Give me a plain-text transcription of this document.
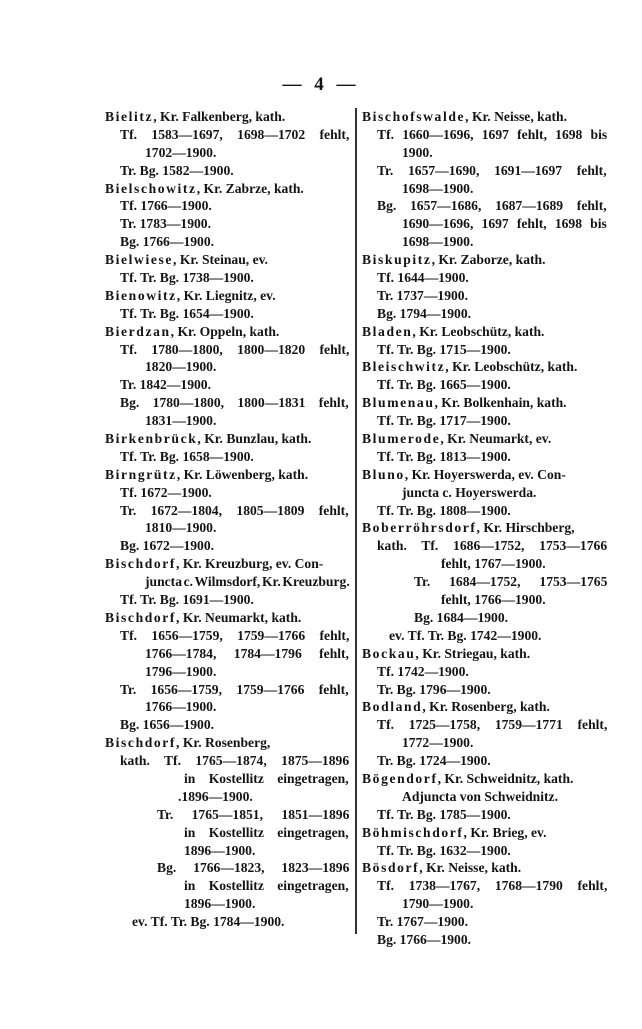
— 4 —
Bielitz, Kr. Falkenberg, kath.
Tf. 1583—1697, 1698—1702 fehlt,
1702—1900.
Tr. Bg. 1582—1900.
Bielschowitz, Kr. Zabrze, kath.
Tf. 1766—1900.
Tr. 1783—1900.
Bg. 1766—1900.
Bielwiese, Kr. Steinau, ev.
Tf. Tr. Bg. 1738—1900.
Bienowitz, Kr. Liegnitz, ev.
Tf. Tr. Bg. 1654—1900.
Bierdzan, Kr. Oppeln, kath.
Tf. 1780—1800, 1800—1820 fehlt,
1820—1900.
Tr. 1842—1900.
Bg. 1780—1800, 1800—1831 fehlt,
1831—1900.
Birkenbrück, Kr. Bunzlau, kath.
Tf. Tr. Bg. 1658—1900.
Birngrütz, Kr. Löwenberg, kath.
Tf. 1672—1900.
Tr. 1672—1804, 1805—1809 fehlt,
1810—1900.
Bg. 1672—1900.
Bischdorf, Kr. Kreuzburg, ev. Con-
juncta c. Wilmsdorf, Kr. Kreuzburg.
Tf. Tr. Bg. 1691—1900.
Bischdorf, Kr. Neumarkt, kath.
Tf. 1656—1759, 1759—1766 fehlt,
1766—1784, 1784—1796 fehlt,
1796—1900.
Tr. 1656—1759, 1759—1766 fehlt,
1766—1900.
Bg. 1656—1900.
Bischdorf, Kr. Rosenberg,
kath. Tf. 1765—1874, 1875—1896
in Kostellitz eingetragen,
.1896—1900.
Tr. 1765—1851, 1851—1896
in Kostellitz eingetragen,
1896—1900.
Bg. 1766—1823, 1823—1896
in Kostellitz eingetragen,
1896—1900.
ev. Tf. Tr. Bg. 1784—1900.
Bischofswalde, Kr. Neisse, kath.
Tf. 1660—1696, 1697 fehlt, 1698 bis
1900.
Tr. 1657—1690, 1691—1697 fehlt,
1698—1900.
Bg. 1657—1686, 1687—1689 fehlt,
1690—1696, 1697 fehlt, 1698 bis
1698—1900.
Biskupitz, Kr. Zaborze, kath.
Tf. 1644—1900.
Tr. 1737—1900.
Bg. 1794—1900.
Bladen, Kr. Leobschütz, kath.
Tf. Tr. Bg. 1715—1900.
Bleischwitz, Kr. Leobschütz, kath.
Tf. Tr. Bg. 1665—1900.
Blumenau, Kr. Bolkenhain, kath.
Tf. Tr. Bg. 1717—1900.
Blumerode, Kr. Neumarkt, ev.
Tf. Tr. Bg. 1813—1900.
Bluno, Kr. Hoyerswerda, ev. Con-
juncta c. Hoyerswerda.
Tf. Tr. Bg. 1808—1900.
Boberröhrsdorf, Kr. Hirschberg,
kath. Tf. 1686—1752, 1753—1766
fehlt, 1767—1900.
Tr. 1684—1752, 1753—1765
fehlt, 1766—1900.
Bg. 1684—1900.
ev. Tf. Tr. Bg. 1742—1900.
Bockau, Kr. Striegau, kath.
Tf. 1742—1900.
Tr. Bg. 1796—1900.
Bodland, Kr. Rosenberg, kath.
Tf. 1725—1758, 1759—1771 fehlt,
1772—1900.
Tr. Bg. 1724—1900.
Bögendorf, Kr. Schweidnitz, kath.
Adjuncta von Schweidnitz.
Tf. Tr. Bg. 1785—1900.
Böhmischdorf, Kr. Brieg, ev.
Tf. Tr. Bg. 1632—1900.
Bösdorf, Kr. Neisse, kath.
Tf. 1738—1767, 1768—1790 fehlt,
1790—1900.
Tr. 1767—1900.
Bg. 1766—1900.
